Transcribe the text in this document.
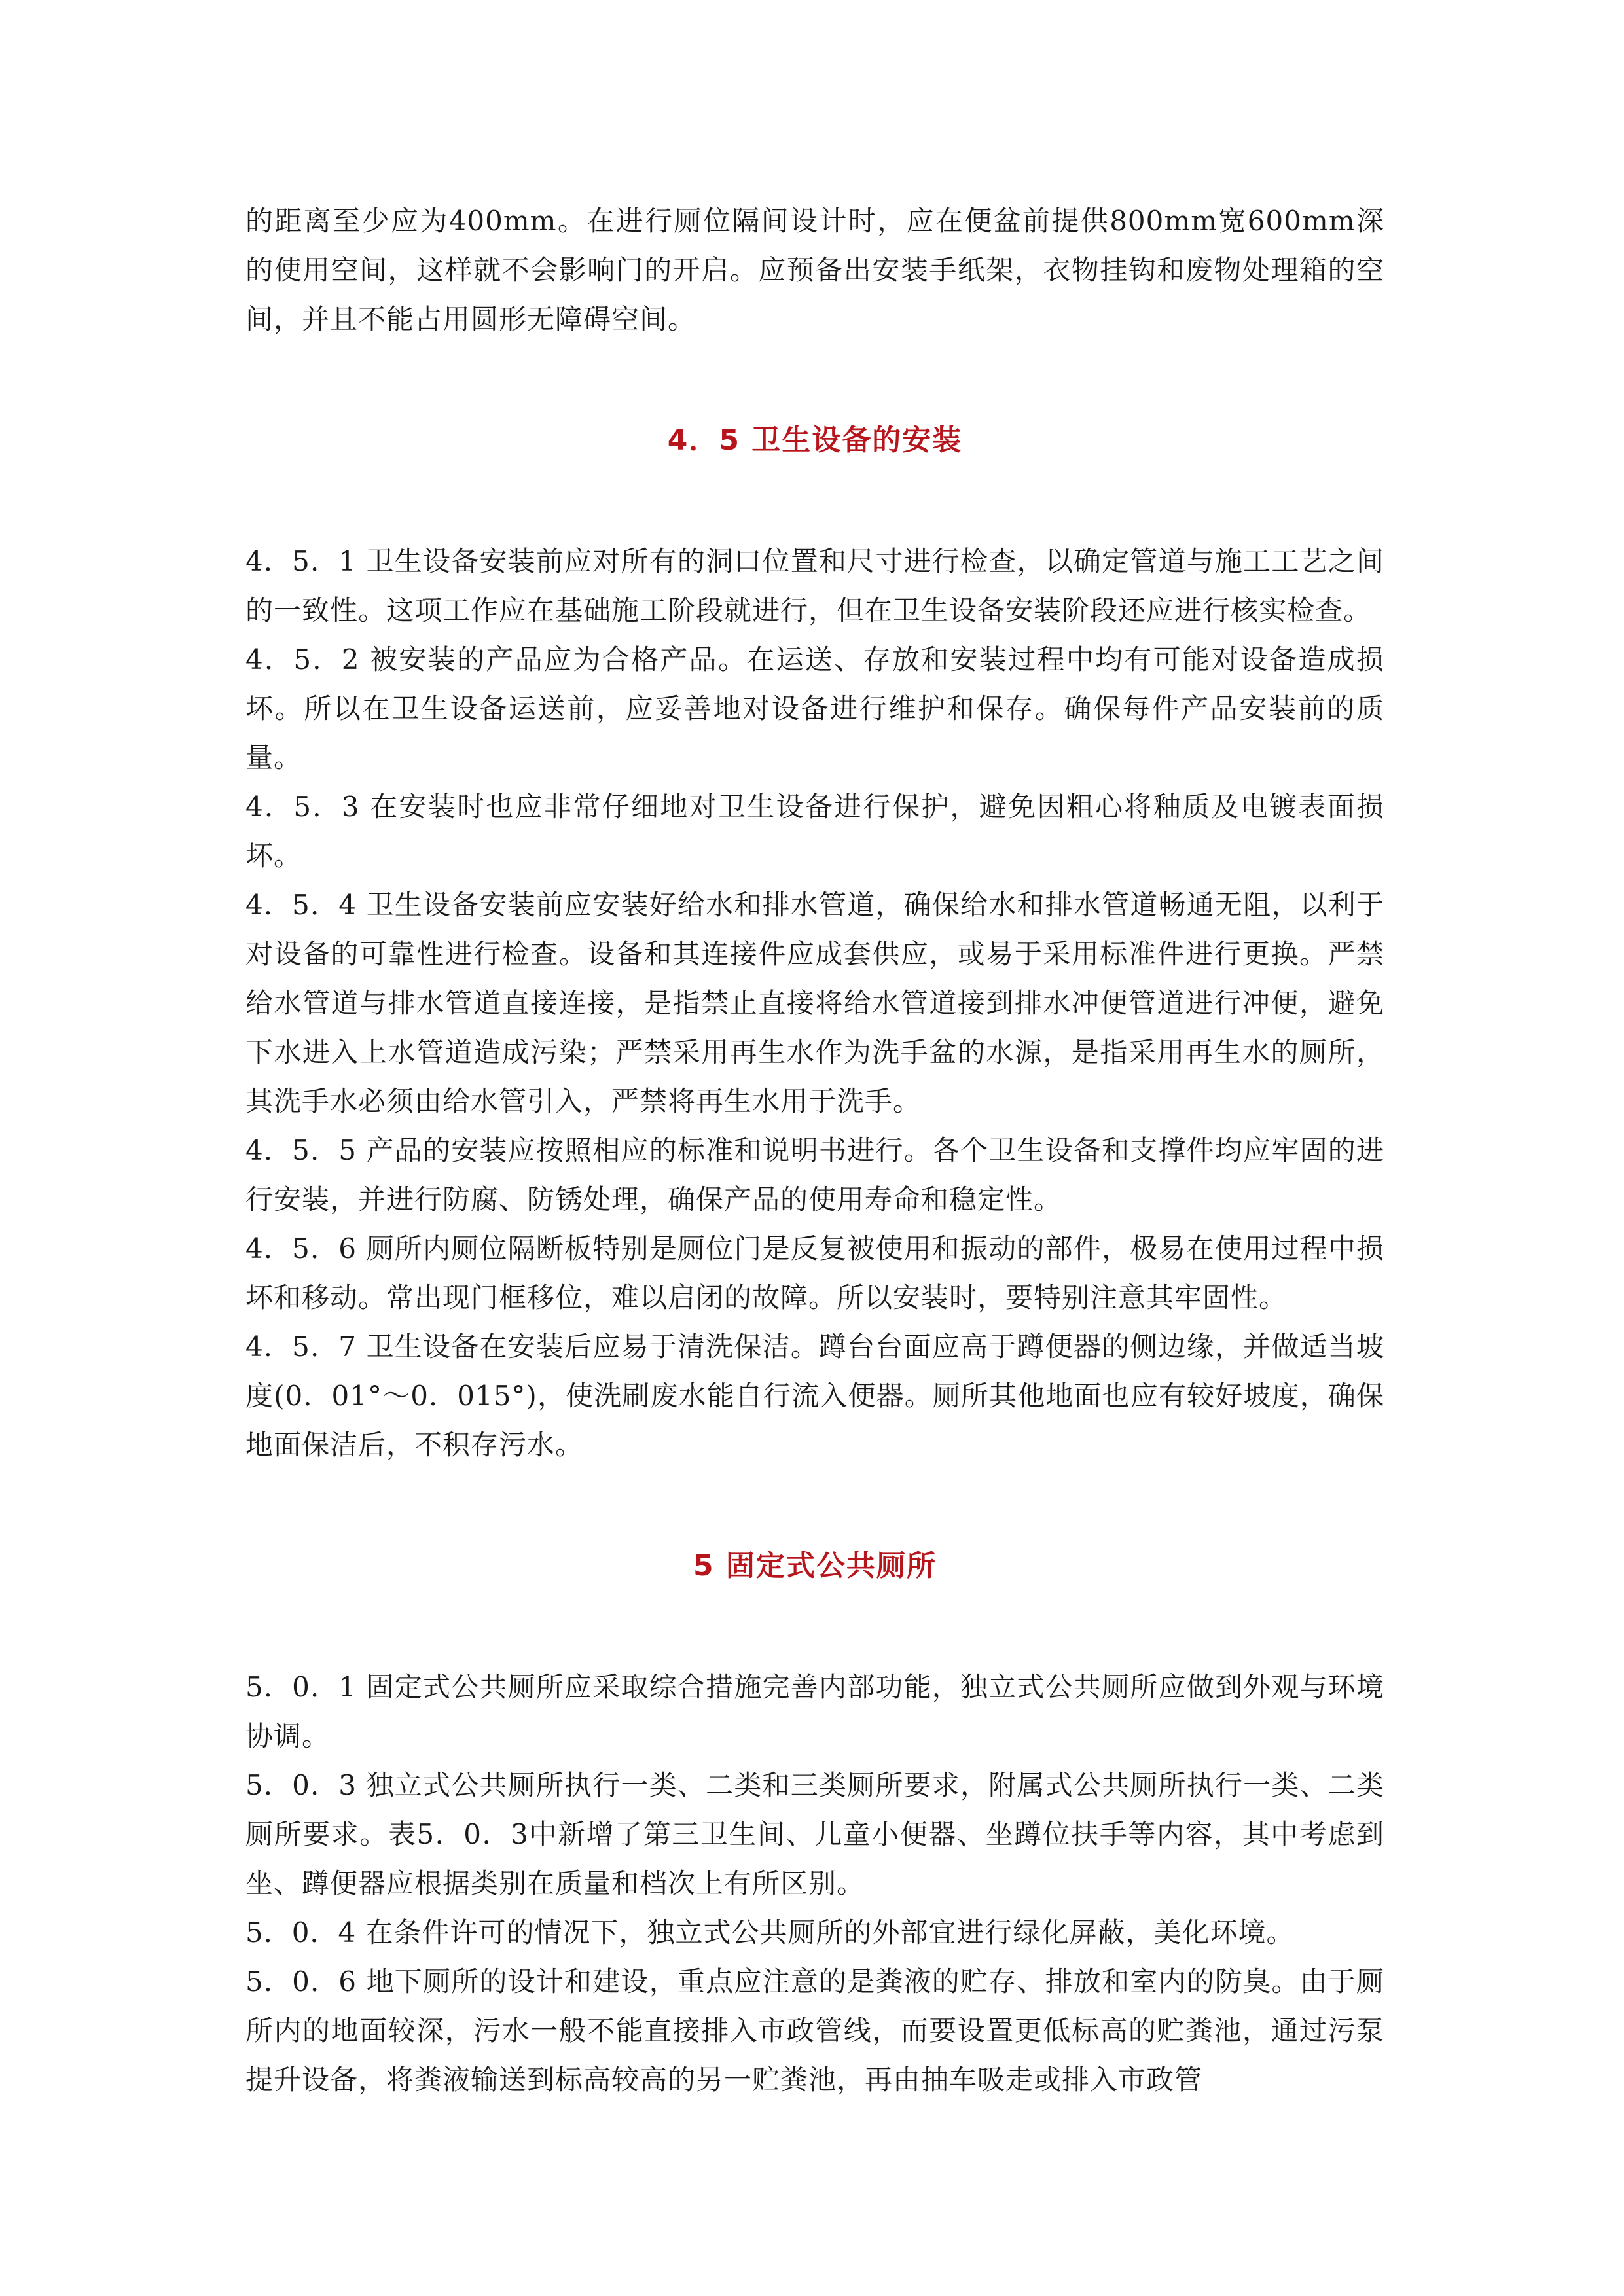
的距离至少应为400mm。在进行厕位隔间设计时，应在便盆前提供800mm宽600mm深的使用空间，这样就不会影响门的开启。应预备出安装手纸架，衣物挂钩和废物处理箱的空间，并且不能占用圆形无障碍空间。

4．5 卫生设备的安装

4．5．1 卫生设备安装前应对所有的洞口位置和尺寸进行检查，以确定管道与施工工艺之间的一致性。这项工作应在基础施工阶段就进行，但在卫生设备安装阶段还应进行核实检查。

4．5．2 被安装的产品应为合格产品。在运送、存放和安装过程中均有可能对设备造成损坏。所以在卫生设备运送前，应妥善地对设备进行维护和保存。确保每件产品安装前的质量。

4．5．3 在安装时也应非常仔细地对卫生设备进行保护，避免因粗心将釉质及电镀表面损坏。

4．5．4 卫生设备安装前应安装好给水和排水管道，确保给水和排水管道畅通无阻，以利于对设备的可靠性进行检查。设备和其连接件应成套供应，或易于采用标准件进行更换。严禁给水管道与排水管道直接连接，是指禁止直接将给水管道接到排水冲便管道进行冲便，避免下水进入上水管道造成污染；严禁采用再生水作为洗手盆的水源，是指采用再生水的厕所，其洗手水必须由给水管引入，严禁将再生水用于洗手。

4．5．5 产品的安装应按照相应的标准和说明书进行。各个卫生设备和支撑件均应牢固的进行安装，并进行防腐、防锈处理，确保产品的使用寿命和稳定性。

4．5．6 厕所内厕位隔断板特别是厕位门是反复被使用和振动的部件，极易在使用过程中损坏和移动。常出现门框移位，难以启闭的故障。所以安装时，要特别注意其牢固性。

4．5．7 卫生设备在安装后应易于清洗保洁。蹲台台面应高于蹲便器的侧边缘，并做适当坡度(0．01°～0．015°)，使洗刷废水能自行流入便器。厕所其他地面也应有较好坡度，确保地面保洁后，不积存污水。

5 固定式公共厕所

5．0．1 固定式公共厕所应采取综合措施完善内部功能，独立式公共厕所应做到外观与环境协调。

5．0．3 独立式公共厕所执行一类、二类和三类厕所要求，附属式公共厕所执行一类、二类厕所要求。表5．0．3中新增了第三卫生间、儿童小便器、坐蹲位扶手等内容，其中考虑到坐、蹲便器应根据类别在质量和档次上有所区别。

5．0．4 在条件许可的情况下，独立式公共厕所的外部宜进行绿化屏蔽，美化环境。

5．0．6 地下厕所的设计和建设，重点应注意的是粪液的贮存、排放和室内的防臭。由于厕所内的地面较深，污水一般不能直接排入市政管线，而要设置更低标高的贮粪池，通过污泵提升设备，将粪液输送到标高较高的另一贮粪池，再由抽车吸走或排入市政管
